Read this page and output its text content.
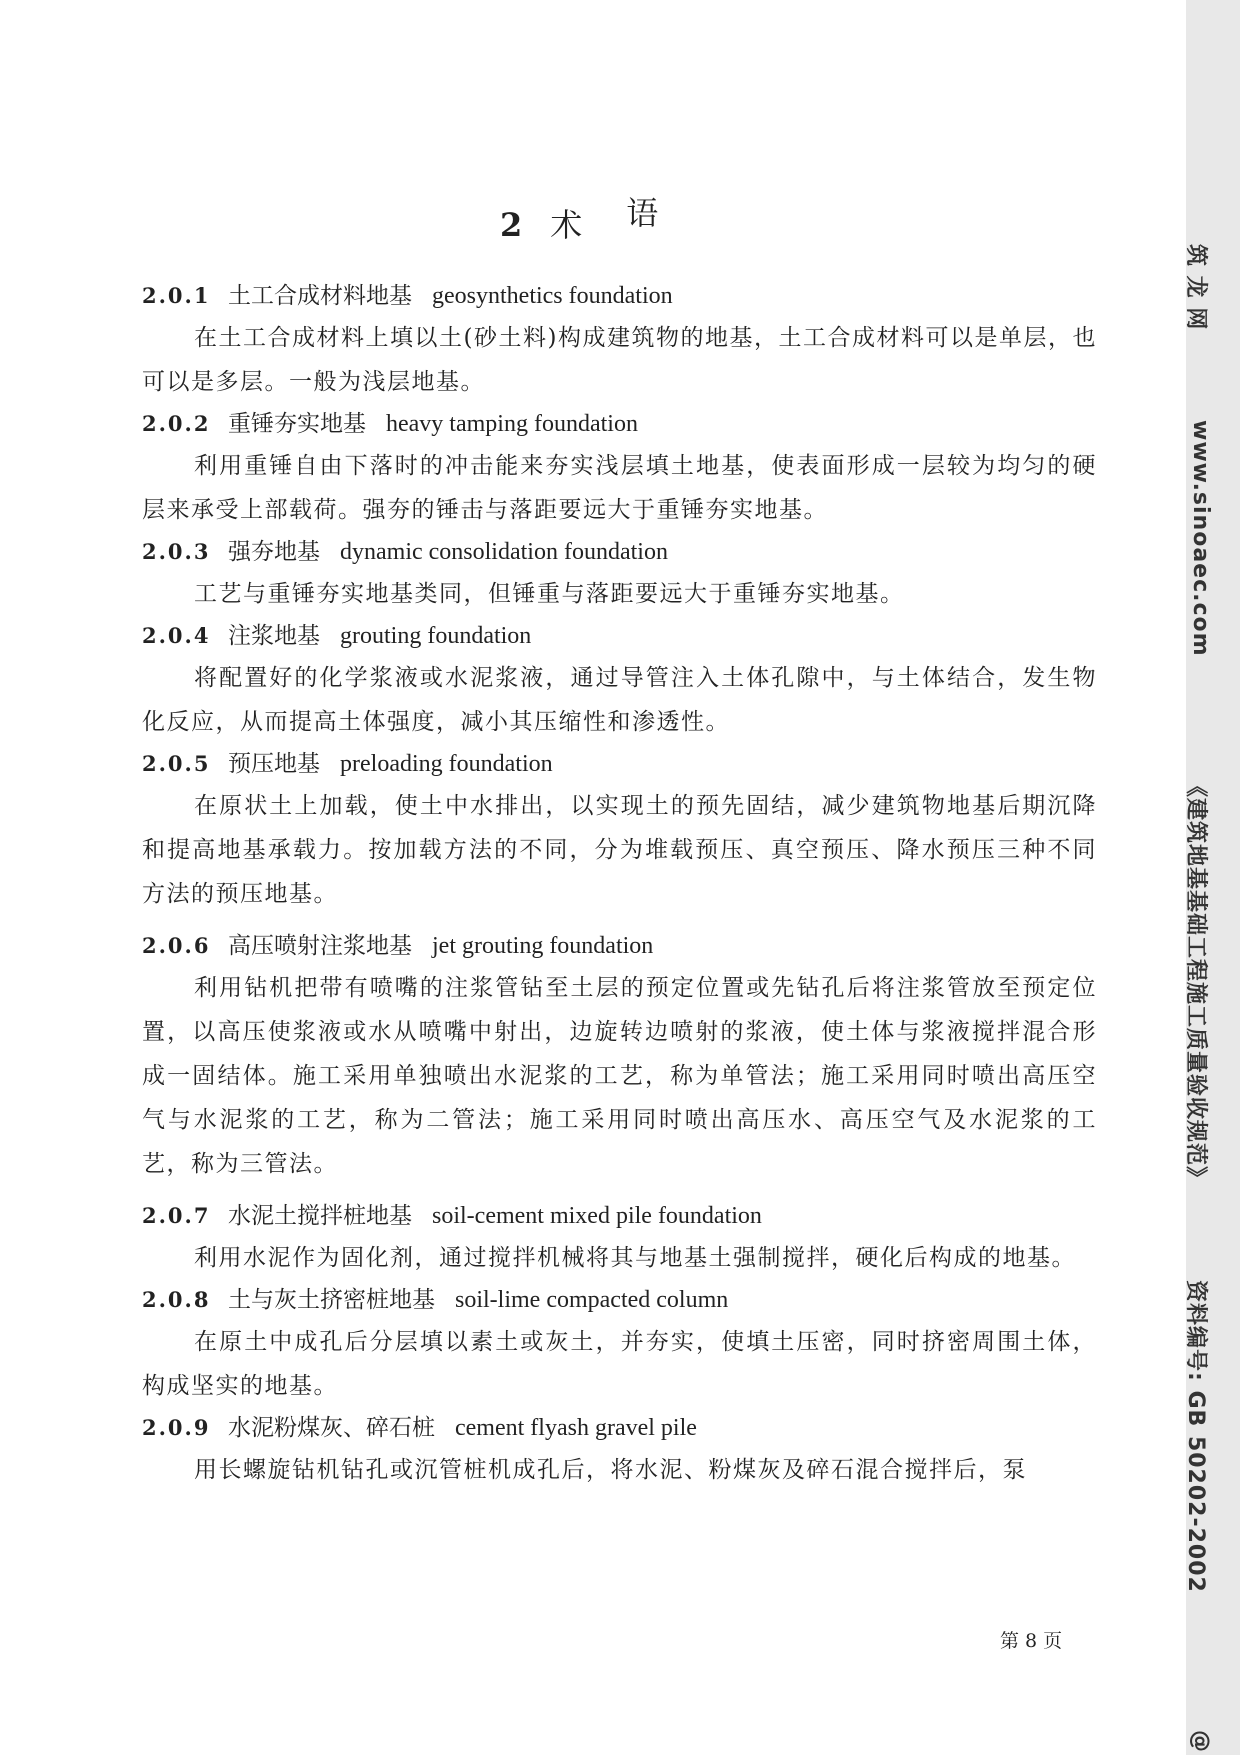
2 术 语

2.0.1 土工合成材料地基 geosynthetics foundation

在土工合成材料上填以土(砂土料)构成建筑物的地基，土工合成材料可以是单层，也可以是多层。一般为浅层地基。

2.0.2 重锤夯实地基 heavy tamping foundation

利用重锤自由下落时的冲击能来夯实浅层填土地基，使表面形成一层较为均匀的硬层来承受上部载荷。强夯的锤击与落距要远大于重锤夯实地基。

2.0.3 强夯地基 dynamic consolidation foundation

工艺与重锤夯实地基类同，但锤重与落距要远大于重锤夯实地基。

2.0.4 注浆地基 grouting foundation

将配置好的化学浆液或水泥浆液，通过导管注入土体孔隙中，与土体结合，发生物化反应，从而提高土体强度，减小其压缩性和渗透性。

2.0.5 预压地基 preloading foundation

在原状土上加载，使土中水排出，以实现土的预先固结，减少建筑物地基后期沉降和提高地基承载力。按加载方法的不同，分为堆载预压、真空预压、降水预压三种不同方法的预压地基。

2.0.6 高压喷射注浆地基 jet grouting foundation

利用钻机把带有喷嘴的注浆管钻至土层的预定位置或先钻孔后将注浆管放至预定位置，以高压使浆液或水从喷嘴中射出，边旋转边喷射的浆液，使土体与浆液搅拌混合形成一固结体。施工采用单独喷出水泥浆的工艺，称为单管法；施工采用同时喷出高压空气与水泥浆的工艺，称为二管法；施工采用同时喷出高压水、高压空气及水泥浆的工艺，称为三管法。

2.0.7 水泥土搅拌桩地基 soil-cement mixed pile foundation

利用水泥作为固化剂，通过搅拌机械将其与地基土强制搅拌，硬化后构成的地基。

2.0.8 土与灰土挤密桩地基 soil-lime compacted column

在原土中成孔后分层填以素土或灰土，并夯实，使填土压密，同时挤密周围土体，构成坚实的地基。

2.0.9 水泥粉煤灰、碎石桩 cement flyash gravel pile

用长螺旋钻机钻孔或沉管桩机成孔后，将水泥、粉煤灰及碎石混合搅拌后，泵

第 8 页
筑 龙 网
www.sinoaec.com
《建筑地基基础工程施工质量验收规范》
资料编号: GB 50202-2002
@
